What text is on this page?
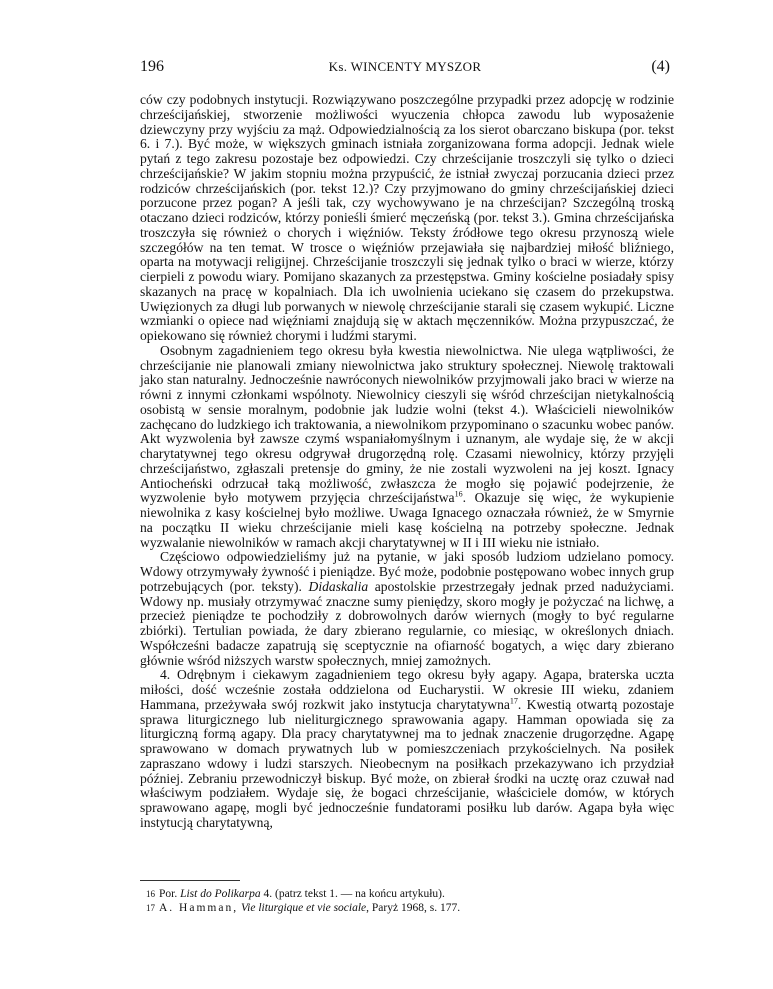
196	Ks. WINCENTY MYSZOR	(4)

ców czy podobnych instytucji. Rozwiązywano poszczególne przypadki przez adopcję w rodzinie chrześcijańskiej, stworzenie możliwości wyuczenia chłopca zawodu lub wyposażenie dziewczyny przy wyjściu za mąż. Odpowiedzialnością za los sierot obarczano biskupa (por. tekst 6. i 7.). Być może, w większych gminach istniała zorganizowana forma adopcji. Jednak wiele pytań z tego zakresu pozostaje bez odpowiedzi. Czy chrześcijanie troszczyli się tylko o dzieci chrześcijańskie? W jakim stopniu można przypuścić, że istniał zwyczaj porzucania dzieci przez rodziców chrześcijańskich (por. tekst 12.)? Czy przyjmowano do gminy chrześcijańskiej dzieci porzucone przez pogan? A jeśli tak, czy wychowywano je na chrześcijan? Szczególną troską otaczano dzieci rodziców, którzy ponieśli śmierć męczeńską (por. tekst 3.). Gmina chrześcijańska troszczyła się również o chorych i więźniów. Teksty źródłowe tego okresu przynoszą wiele szczegółów na ten temat. W trosce o więźniów przejawiała się najbardziej miłość bliźniego, oparta na motywacji religijnej. Chrześcijanie troszczyli się jednak tylko o braci w wierze, którzy cierpieli z powodu wiary. Pomijano skazanych za przestępstwa. Gminy kościelne posiadały spisy skazanych na pracę w kopalniach. Dla ich uwolnienia uciekano się czasem do przekupstwa. Uwięzionych za długi lub porwanych w niewolę chrześcijanie starali się czasem wykupić. Liczne wzmianki o opiece nad więźniami znajdują się w aktach męczenników. Można przypuszczać, że opiekowano się również chorymi i ludźmi starymi.

Osobnym zagadnieniem tego okresu była kwestia niewolnictwa. Nie ulega wątpliwości, że chrześcijanie nie planowali zmiany niewolnictwa jako struktury społecznej. Niewolę traktowali jako stan naturalny. Jednocześnie nawróconych niewolników przyjmowali jako braci w wierze na równi z innymi członkami wspólnoty. Niewolnicy cieszyli się wśród chrześcijan nietykalnością osobistą w sensie moralnym, podobnie jak ludzie wolni (tekst 4.). Właścicieli niewolników zachęcano do ludzkiego ich traktowania, a niewolnikom przypominano o szacunku wobec panów. Akt wyzwolenia był zawsze czymś wspaniałomyślnym i uznanym, ale wydaje się, że w akcji charytatywnej tego okresu odgrywał drugorzędną rolę. Czasami niewolnicy, którzy przyjęli chrześcijaństwo, zgłaszali pretensje do gminy, że nie zostali wyzwoleni na jej koszt. Ignacy Antiocheński odrzucał taką możliwość, zwłaszcza że mogło się pojawić podejrzenie, że wyzwolenie było motywem przyjęcia chrześcijaństwa$^{16}$. Okazuje się więc, że wykupienie niewolnika z kasy kościelnej było możliwe. Uwaga Ignacego oznaczała również, że w Smyrnie na początku II wieku chrześcijanie mieli kasę kościelną na potrzeby społeczne. Jednak wyzwalanie niewolników w ramach akcji charytatywnej w II i III wieku nie istniało.

Częściowo odpowiedzieliśmy już na pytanie, w jaki sposób ludziom udzielano pomocy. Wdowy otrzymywały żywność i pieniądze. Być może, podobnie postępowano wobec innych grup potrzebujących (por. teksty). Didaskalia apostolskie przestrzegały jednak przed nadużyciami. Wdowy np. musiały otrzymywać znaczne sumy pieniędzy, skoro mogły je pożyczać na lichwę, a przecież pieniądze te pochodziły z dobrowolnych darów wiernych (mogły to być regularne zbiórki). Tertulian powiada, że dary zbierano regularnie, co miesiąc, w określonych dniach. Współcześni badacze zapatrują się sceptycznie na ofiarność bogatych, a więc dary zbierano głównie wśród niższych warstw społecznych, mniej zamożnych.

4. Odrębnym i ciekawym zagadnieniem tego okresu były agapy. Agapa, braterska uczta miłości, dość wcześnie została oddzielona od Eucharystii. W okresie III wieku, zdaniem Hammana, przeżywała swój rozkwit jako instytucja charytatywna$^{17}$. Kwestią otwartą pozostaje sprawa liturgicznego lub nieliturgicznego sprawowania agapy. Hamman opowiada się za liturgiczną formą agapy. Dla pracy charytatywnej ma to jednak znaczenie drugorzędne. Agapę sprawowano w domach prywatnych lub w pomieszczeniach przykościelnych. Na posiłek zapraszano wdowy i ludzi starszych. Nieobecnym na posiłkach przekazywano ich przydział później. Zebraniu przewodniczył biskup. Być może, on zbierał środki na ucztę oraz czuwał nad właściwym podziałem. Wydaje się, że bogaci chrześcijanie, właściciele domów, w których sprawowano agapę, mogli być jednocześnie fundatorami posiłku lub darów. Agapa była więc instytucją charytatywną,

16 Por. List do Polikarpa 4. (patrz tekst 1. — na końcu artykułu).
17 A. Hamman, Vie liturgique et vie sociale, Paryż 1968, s. 177.
